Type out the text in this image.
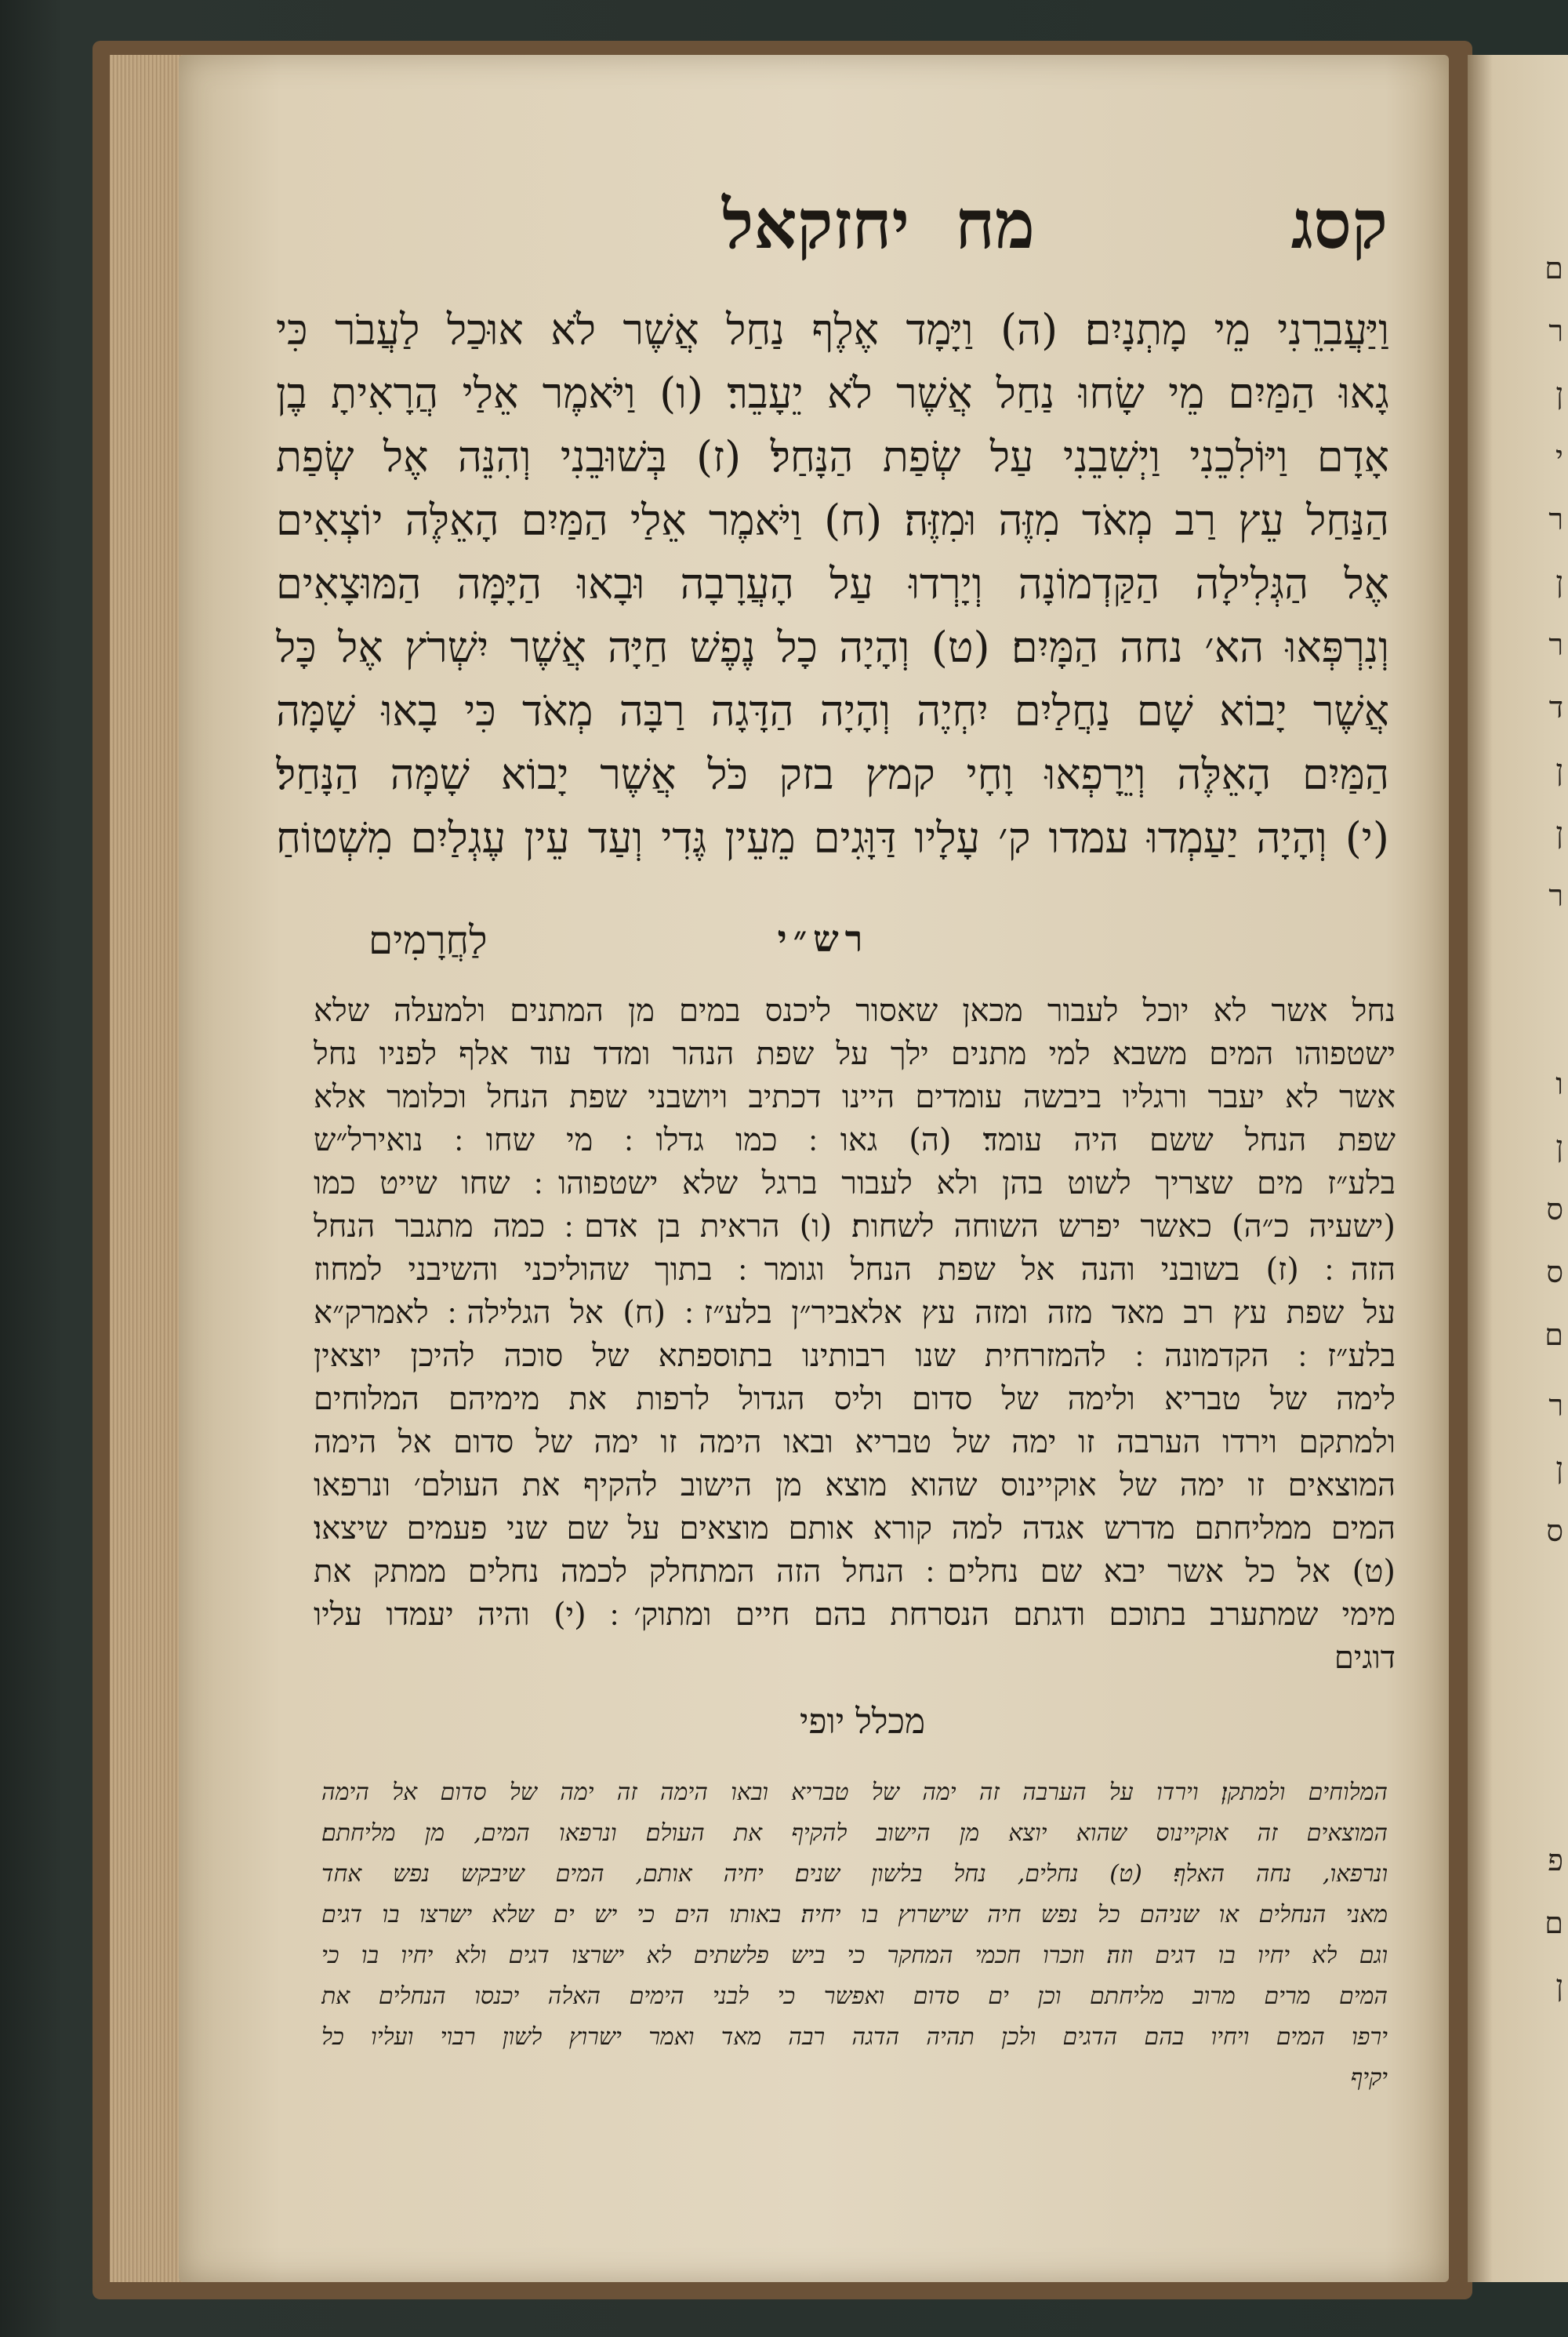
יחזקאל מח	קסג
וַיַּעֲבִרֵנִי מֵי מָתְנָיִם׃ (ה) וַיָּמָד אֶלֶף נַחַל אֲשֶׁר לֹא אוּכַל לַעֲבֹר כִּי
גָאוּ הַמַּיִם מֵי שָׂחוּ נַחַל אֲשֶׁר לֹא יֵעָבֵר׃ (ו) וַיֹּאמֶר אֵלַי הֲרָאִיתָ בֶן
אָדָם וַיּוֹלִכֵנִי וַיְשִׁבֵנִי עַל שְׂפַת הַנָּחַל׃ (ז) בְּשׁוּבֵנִי וְהִנֵּה אֶל שְׂפַת
הַנַּחַל עֵץ רַב מְאֹד מִזֶּה וּמִזֶּה׃ (ח) וַיֹּאמֶר אֵלַי הַמַּיִם הָאֵלֶּה יוֹצְאִים
אֶל הַגְּלִילָה הַקַּדְמוֹנָה וְיָרְדוּ עַל הָעֲרָבָה וּבָאוּ הַיָּמָּה הַמּוּצָאִים
וְנִרְפְּאוּ הא׳ נחה הַמָּיִם׃ (ט) וְהָיָה כָל נֶפֶשׁ חַיָּה אֲשֶׁר יִשְׁרֹץ אֶל כָּל
אֲשֶׁר יָבוֹא שָׁם נַחֲלַיִם יִחְיֶה וְהָיָה הַדָּגָה רַבָּה מְאֹד כִּי בָאוּ שָׁמָּה
הַמַּיִם הָאֵלֶּה וְיֵרָפְאוּ וָחָי קמץ בזק כֹּל אֲשֶׁר יָבוֹא שָׁמָּה הַנָּחַל׃
(י) וְהָיָה יַעַמְדוּ עמדו ק׳ עָלָיו דַּוָּגִים מֵעֵין גֶּדִי וְעַד עֵין עֶגְלַיִם מִשְׁטוֹחַ
לַחֲרָמִים	רש״י
נחל אשר לא יוכל לעבור מכאן שאסור ליכנס במים מן המתנים ולמעלה שלא
ישטפוהו המים משבא למי מתנים ילך על שפת הנהר ומדד עוד אלף לפניו נחל
אשר לא יעבר ורגליו ביבשה עומדים היינו דכתיב ויושבני שפת הנחל וכלומר אלא
שפת הנחל ששם היה עומד׃ (ה) גאו ׃ כמו גדלו ׃ מי שחו ׃ נואירל״ש
בלע״ז מים שצריך לשוט בהן ולא לעבור ברגל שלא ישטפוהו ׃ שחו שייט כמו
(ישעיה כ״ה) כאשר יפרש השוחה לשחות׃ (ו) הראית בן אדם ׃ כמה מתגבר הנחל
הזה ׃ (ז) בשובני והנה אל שפת הנחל וגומר ׃ בתוך שהוליכני והשיבני למחוז
על שפת עץ רב מאד מזה ומזה עץ אלאביר״ן בלע״ז ׃ (ח) אל הגלילה ׃ לאמרק״א
בלע״ז ׃ הקדמונה ׃ להמזרחית שנו רבותינו בתוספתא של סוכה להיכן יוצאין
לימה של טבריא ולימה של סדום וליס הגדול לרפות את מימיהם המלוחים
ולמתקם וירדו הערבה זו ימה של טבריא ובאו הימה זו ימה של סדום אל הימה
המוצאים זו ימה של אוקיינוס שהוא מוצא מן הישוב להקיף את העולם׳ ונרפאו
המים ממליחתם מדרש אגדה למה קורא אותם מוצאים על שם שני פעמים שיצאו׃
(ט) אל כל אשר יבא שם נחלים ׃ הנחל הזה המתחלק לכמה נחלים ממתק את
מימי שמתערב בתוכם ודגתם הנסרחת בהם חיים ומתוק׳ ׃ (י) והיה יעמדו עליו
דוגים
מכלל יופי
המלוחים ולמתקן׃ וירדו על הערבה זה ימה של טבריא ובאו הימה זה ימה של סדום אל הימה
המוצאים זה אוקיינוס שהוא יוצא מן הישוב להקיף את העולם׃ ונרפאו המים, מן מליחתם׃
ונרפאו, נחה האלף׃ (ט) נחלים, נחל בלשון שנים׃ יחיה אותם, המים שיבקש נפש אחד
מאני הנחלים או שניהם כל נפש חיה שישרוץ בו יחיה׃ באותו הים כי יש ים שלא ישרצו בו דגים
וגם לא יחיו בו דגים וזה׃ וזכרו חכמי המחקר כי ביש פלשתים לא ישרצו דגים ולא יחיו בו כי
המים מרים מרוב מליחתם וכן ים סדום ואפשר כי לבני הימים האלה יכנסו הנחלים את
ירפו המים ויחיו בהם הדגים ולכן תהיה הדגה רבה מאד ואמר ישרוץ לשון רבוי ועליו כל
יקיף
ם
ר
ן
י
ר
ן
ר
ד
ן
ן
ר
ו
ן
ס
ס
ם
ר
ן
ס
פ
ם
ן
